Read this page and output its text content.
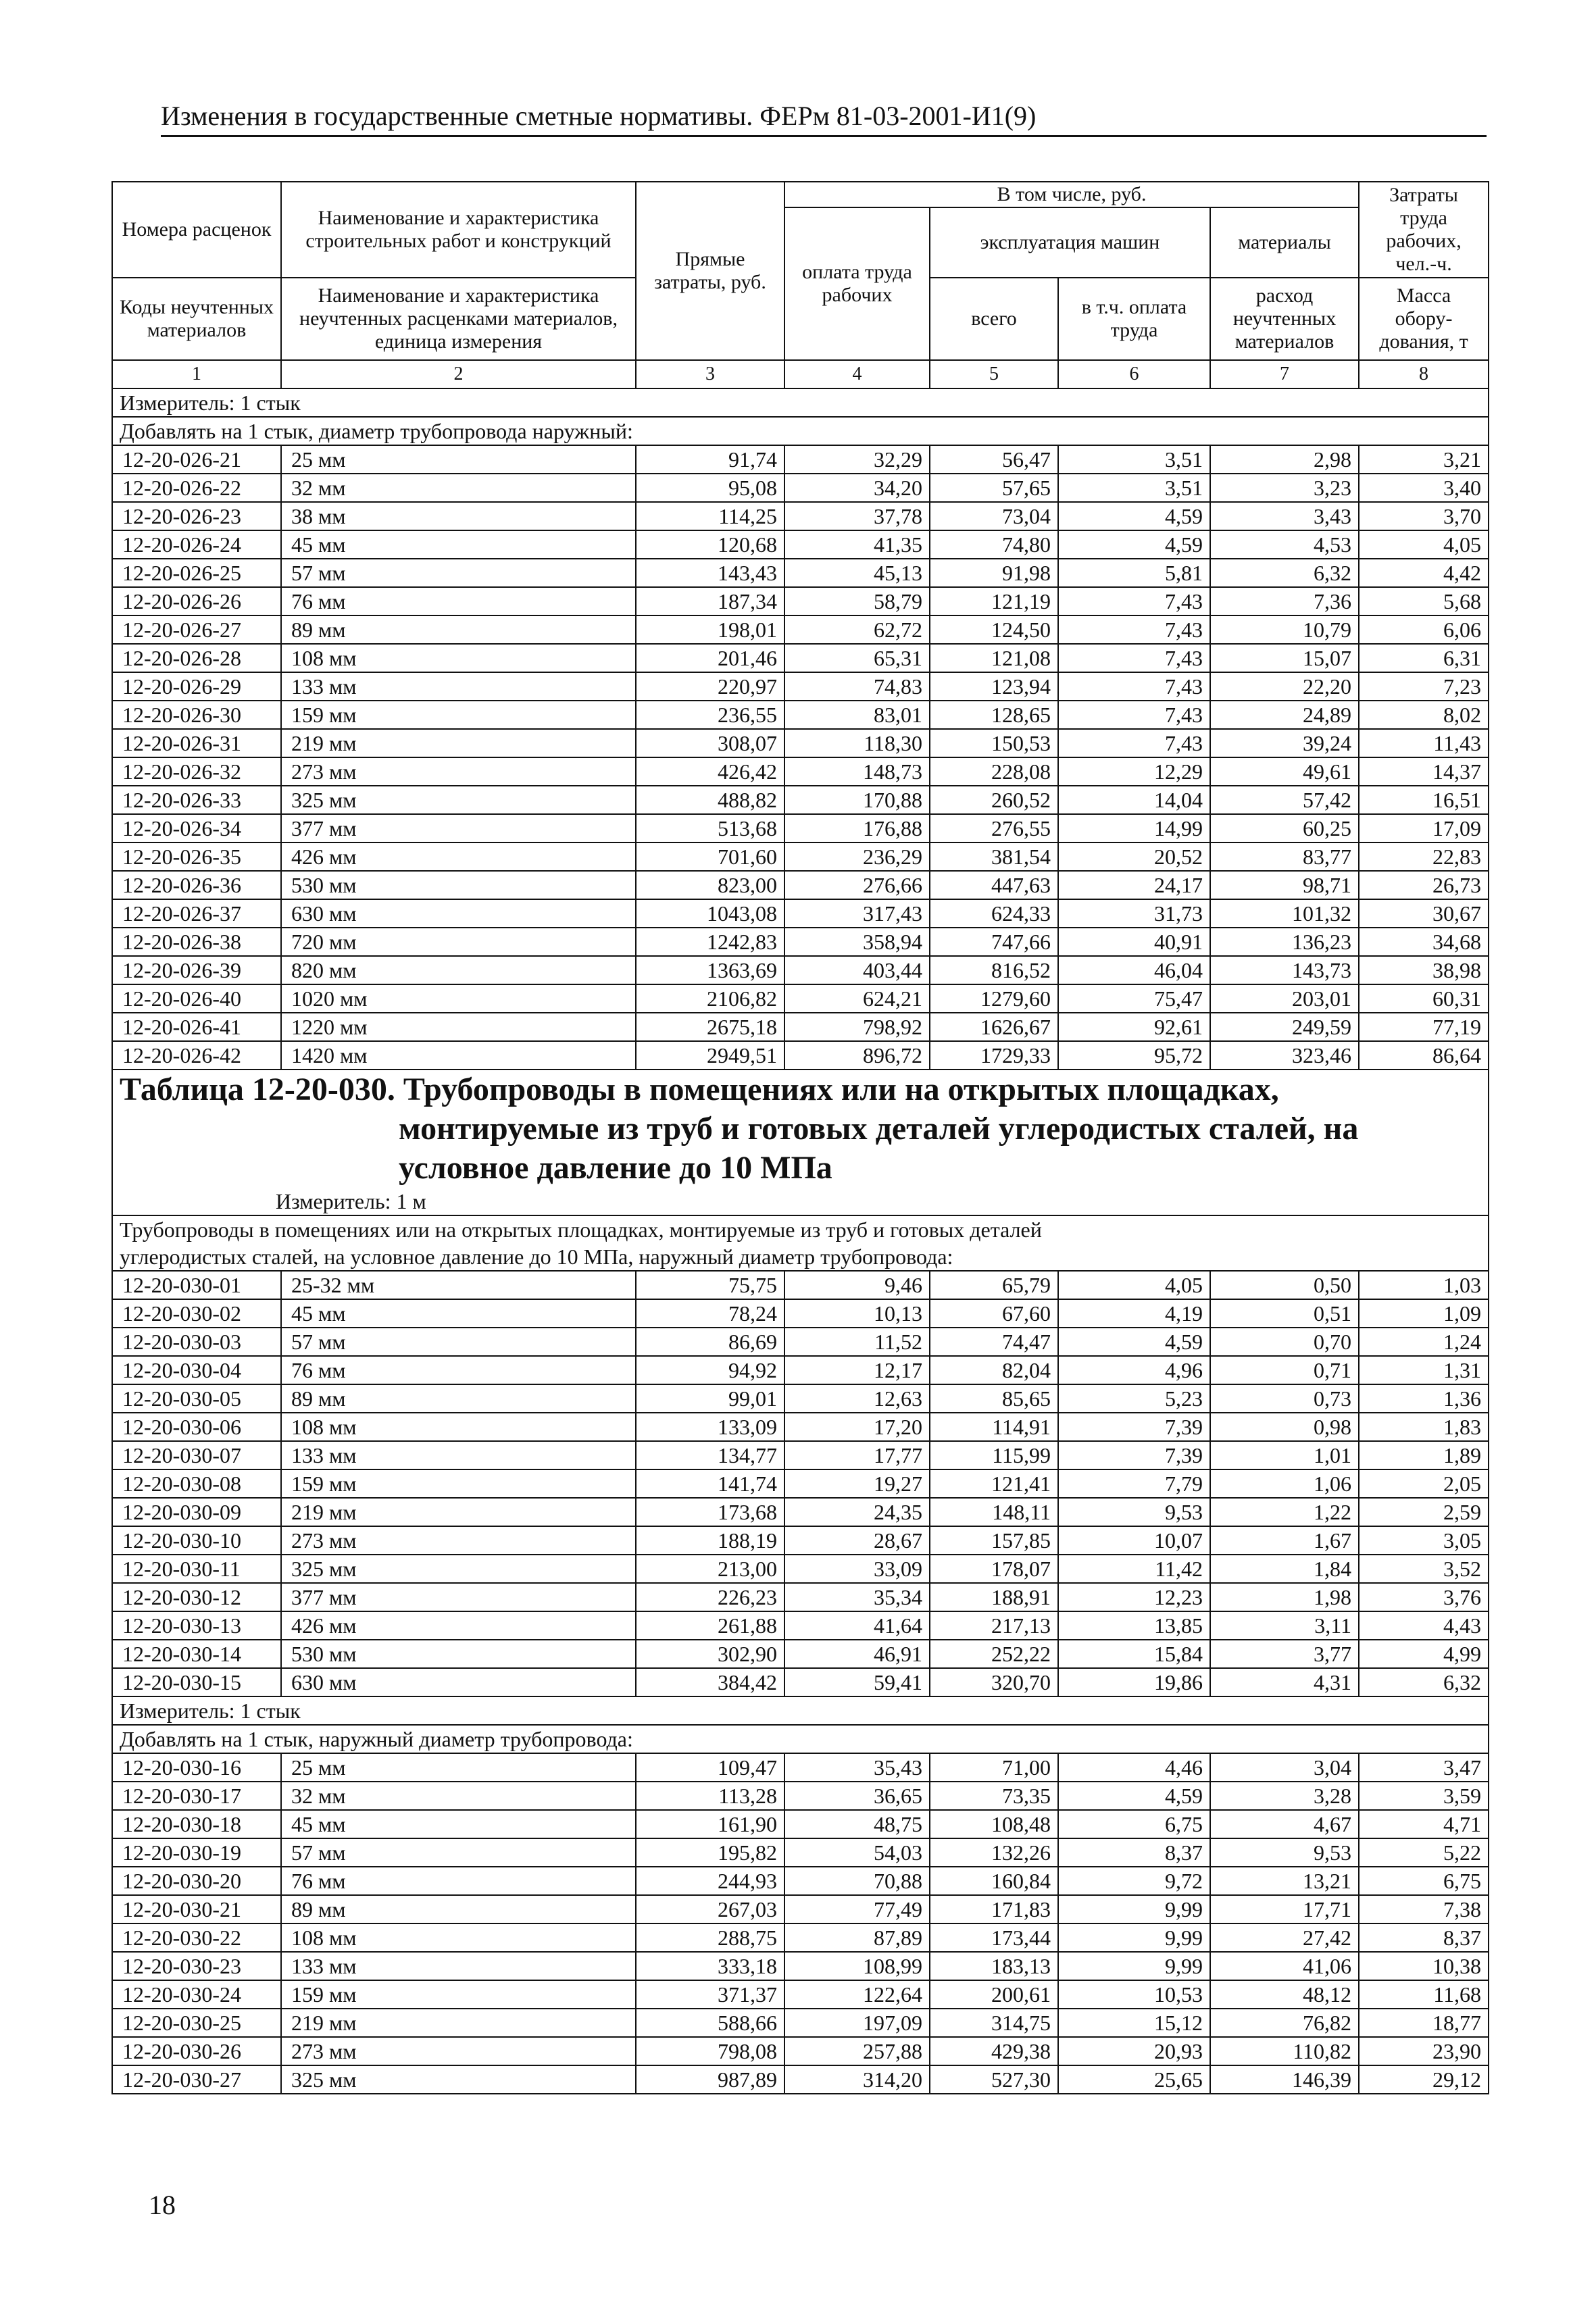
Изменения в государственные сметные нормативы. ФЕРм 81-03-2001-И1(9)
Номера расценок	Наименование и характеристика строительных работ и конструкций	Прямые затраты, руб.	В том числе, руб.				Затраты труда рабочих, чел.-ч.
			оплата труда рабочих	эксплуатация машин		материалы	
Коды неучтенных материалов	Наименование и характеристика неучтенных расценками материалов, единица измерения			всего	в т.ч. оплата труда	расход неучтенных материалов	Масса обору-дования, т

1	2	3	4	5	6	7	8
Измеритель: 1 стык							
Добавлять на 1 стык, диаметр трубопровода наружный:							
12-20-026-21	25 мм	91,74	32,29	56,47	3,51	2,98	3,21
12-20-026-22	32 мм	95,08	34,20	57,65	3,51	3,23	3,40
12-20-026-23	38 мм	114,25	37,78	73,04	4,59	3,43	3,70
12-20-026-24	45 мм	120,68	41,35	74,80	4,59	4,53	4,05
12-20-026-25	57 мм	143,43	45,13	91,98	5,81	6,32	4,42
12-20-026-26	76 мм	187,34	58,79	121,19	7,43	7,36	5,68
12-20-026-27	89 мм	198,01	62,72	124,50	7,43	10,79	6,06
12-20-026-28	108 мм	201,46	65,31	121,08	7,43	15,07	6,31
12-20-026-29	133 мм	220,97	74,83	123,94	7,43	22,20	7,23
12-20-026-30	159 мм	236,55	83,01	128,65	7,43	24,89	8,02
12-20-026-31	219 мм	308,07	118,30	150,53	7,43	39,24	11,43
12-20-026-32	273 мм	426,42	148,73	228,08	12,29	49,61	14,37
12-20-026-33	325 мм	488,82	170,88	260,52	14,04	57,42	16,51
12-20-026-34	377 мм	513,68	176,88	276,55	14,99	60,25	17,09
12-20-026-35	426 мм	701,60	236,29	381,54	20,52	83,77	22,83
12-20-026-36	530 мм	823,00	276,66	447,63	24,17	98,71	26,73
12-20-026-37	630 мм	1043,08	317,43	624,33	31,73	101,32	30,67
12-20-026-38	720 мм	1242,83	358,94	747,66	40,91	136,23	34,68
12-20-026-39	820 мм	1363,69	403,44	816,52	46,04	143,73	38,98
12-20-026-40	1020 мм	2106,82	624,21	1279,60	75,47	203,01	60,31
12-20-026-41	1220 мм	2675,18	798,92	1626,67	92,61	249,59	77,19
12-20-026-42	1420 мм	2949,51	896,72	1729,33	95,72	323,46	86,64

Таблица 12-20-030. Трубопроводы в помещениях или на открытых площадках,
монтируемые из труб и готовых деталей углеродистых сталей, на
условное давление до 10 МПа
Измеритель: 1 м							

Трубопроводы в помещениях или на открытых площадках, монтируемые из труб и готовых деталей
углеродистых сталей, на условное давление до 10 МПа, наружный диаметр трубопровода:							

12-20-030-01	25-32 мм	75,75	9,46	65,79	4,05	0,50	1,03
12-20-030-02	45 мм	78,24	10,13	67,60	4,19	0,51	1,09
12-20-030-03	57 мм	86,69	11,52	74,47	4,59	0,70	1,24
12-20-030-04	76 мм	94,92	12,17	82,04	4,96	0,71	1,31
12-20-030-05	89 мм	99,01	12,63	85,65	5,23	0,73	1,36
12-20-030-06	108 мм	133,09	17,20	114,91	7,39	0,98	1,83
12-20-030-07	133 мм	134,77	17,77	115,99	7,39	1,01	1,89
12-20-030-08	159 мм	141,74	19,27	121,41	7,79	1,06	2,05
12-20-030-09	219 мм	173,68	24,35	148,11	9,53	1,22	2,59
12-20-030-10	273 мм	188,19	28,67	157,85	10,07	1,67	3,05
12-20-030-11	325 мм	213,00	33,09	178,07	11,42	1,84	3,52
12-20-030-12	377 мм	226,23	35,34	188,91	12,23	1,98	3,76
12-20-030-13	426 мм	261,88	41,64	217,13	13,85	3,11	4,43
12-20-030-14	530 мм	302,90	46,91	252,22	15,84	3,77	4,99
12-20-030-15	630 мм	384,42	59,41	320,70	19,86	4,31	6,32
Измеритель: 1 стык							
Добавлять на 1 стык, наружный диаметр трубопровода:							
12-20-030-16	25 мм	109,47	35,43	71,00	4,46	3,04	3,47
12-20-030-17	32 мм	113,28	36,65	73,35	4,59	3,28	3,59
12-20-030-18	45 мм	161,90	48,75	108,48	6,75	4,67	4,71
12-20-030-19	57 мм	195,82	54,03	132,26	8,37	9,53	5,22
12-20-030-20	76 мм	244,93	70,88	160,84	9,72	13,21	6,75
12-20-030-21	89 мм	267,03	77,49	171,83	9,99	17,71	7,38
12-20-030-22	108 мм	288,75	87,89	173,44	9,99	27,42	8,37
12-20-030-23	133 мм	333,18	108,99	183,13	9,99	41,06	10,38
12-20-030-24	159 мм	371,37	122,64	200,61	10,53	48,12	11,68
12-20-030-25	219 мм	588,66	197,09	314,75	15,12	76,82	18,77
12-20-030-26	273 мм	798,08	257,88	429,38	20,93	110,82	23,90
12-20-030-27	325 мм	987,89	314,20	527,30	25,65	146,39	29,12
18
